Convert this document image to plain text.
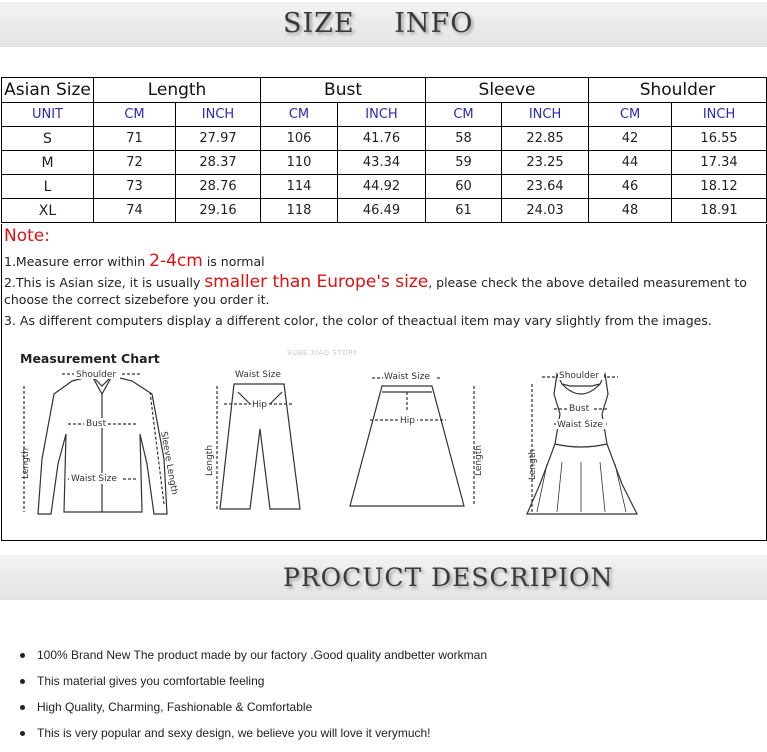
SIZE INFO
Asian Size	Length		Bust		Sleeve		Shoulder	
UNIT	CM	INCH	CM	INCH	CM	INCH	CM	INCH
S	71	27.97	106	41.76	58	22.85	42	16.55
M	72	28.37	110	43.34	59	23.25	44	17.34
L	73	28.76	114	44.92	60	23.64	46	18.12
XL	74	29.16	118	46.49	61	24.03	48	18.91
Note:
1.Measure error within 2-4cm is normal
2.This is Asian size, it is usually smaller than Europe's size, please check the above detailed measurement to choose the correct sizebefore you order it.
3. As different computers display a different color, the color of theactual item may vary slightly from the images.
Measurement Chart	SUBE XIAO STORY
Shoulder
Bust
Waist Size
Length	Sleeve Length
Waist Size
Hip
Length
Waist Size
Hip
Length
Shoulder
Bust
Waist Size
Length
PROCUCT DESCRIPION
100% Brand New The product made by our factory .Good quality andbetter workman
This material gives you comfortable feeling
High Quality, Charming, Fashionable & Comfortable
This is very popular and sexy design, we believe you will love it verymuch!
